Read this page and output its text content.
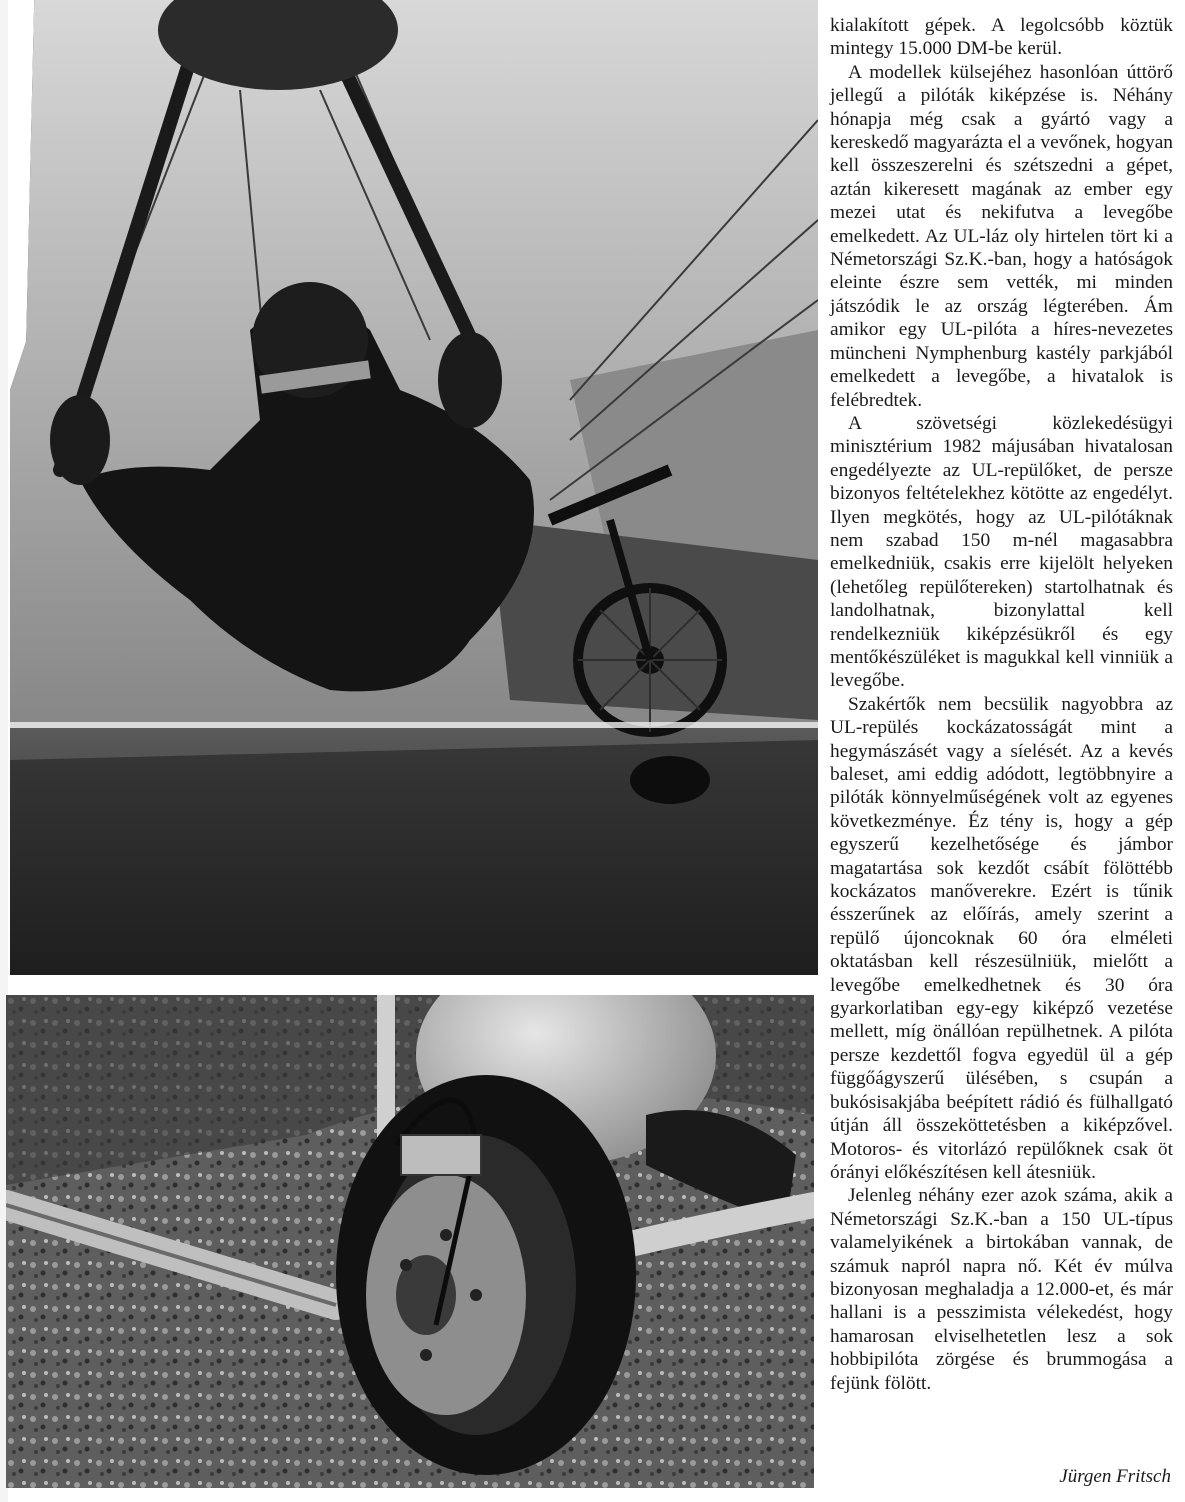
kialakított gépek. A legolcsóbb köztük mintegy 15.000 DM-be kerül.

A modellek külsejéhez hasonlóan úttörő jellegű a pilóták kiképzése is. Néhány hónapja még csak a gyártó vagy a kereskedő magyarázta el a vevőnek, hogyan kell összeszerelni és szétszedni a gépet, aztán kikeresett magának az ember egy mezei utat és nekifutva a levegőbe emelkedett. Az UL-láz oly hirtelen tört ki a Németországi Sz.K.-ban, hogy a hatóságok eleinte észre sem vették, mi minden játszódik le az ország légterében. Ám amikor egy UL-pilóta a híres-nevezetes müncheni Nymphenburg kastély parkjából emelkedett a levegőbe, a hivatalok is felébredtek.

A szövetségi közlekedésügyi minisztérium 1982 májusában hivatalosan engedélyezte az UL-repülőket, de persze bizonyos feltételekhez kötötte az engedélyt. Ilyen megkötés, hogy az UL-pilótáknak nem szabad 150 m-nél magasabbra emelkedniük, csakis erre kijelölt helyeken (lehetőleg repülőtereken) startolhatnak és landolhatnak, bizonylattal kell rendelkezniük kiképzésükről és egy mentőkészüléket is magukkal kell vinniük a levegőbe.

Szakértők nem becsülik nagyobbra az UL-repülés kockázatosságát mint a hegymászásét vagy a síelését. Az a kevés baleset, ami eddig adódott, legtöbbnyire a pilóták könnyelműségének volt az egyenes következménye. Éz tény is, hogy a gép egyszerű kezelhetősége és jámbor magatartása sok kezdőt csábít fölöttébb kockázatos manőverekre. Ezért is tűnik ésszerűnek az előírás, amely szerint a repülő újoncoknak 60 óra elméleti oktatásban kell részesülniük, mielőtt a levegőbe emelkedhetnek és 30 óra gyarkorlatiban egy-egy kiképző vezetése mellett, míg önállóan repülhetnek. A pilóta persze kezdettől fogva egyedül ül a gép függőágyszerű ülésében, s csupán a bukósisakjába beépített rádió és fülhallgató útján áll összeköttetésben a kiképzővel. Motoros- és vitorlázó repülőknek csak öt órányi előkészítésen kell átesniük.

Jelenleg néhány ezer azok száma, akik a Németországi Sz.K.-ban a 150 UL-típus valamelyikének a birtokában vannak, de számuk napról napra nő. Két év múlva bizonyosan meghaladja a 12.000-et, és már hallani is a pesszimista vélekedést, hogy hamarosan elviselhetetlen lesz a sok hobbipilóta zörgése és brummogása a fejünk fölött.

Jürgen Fritsch
